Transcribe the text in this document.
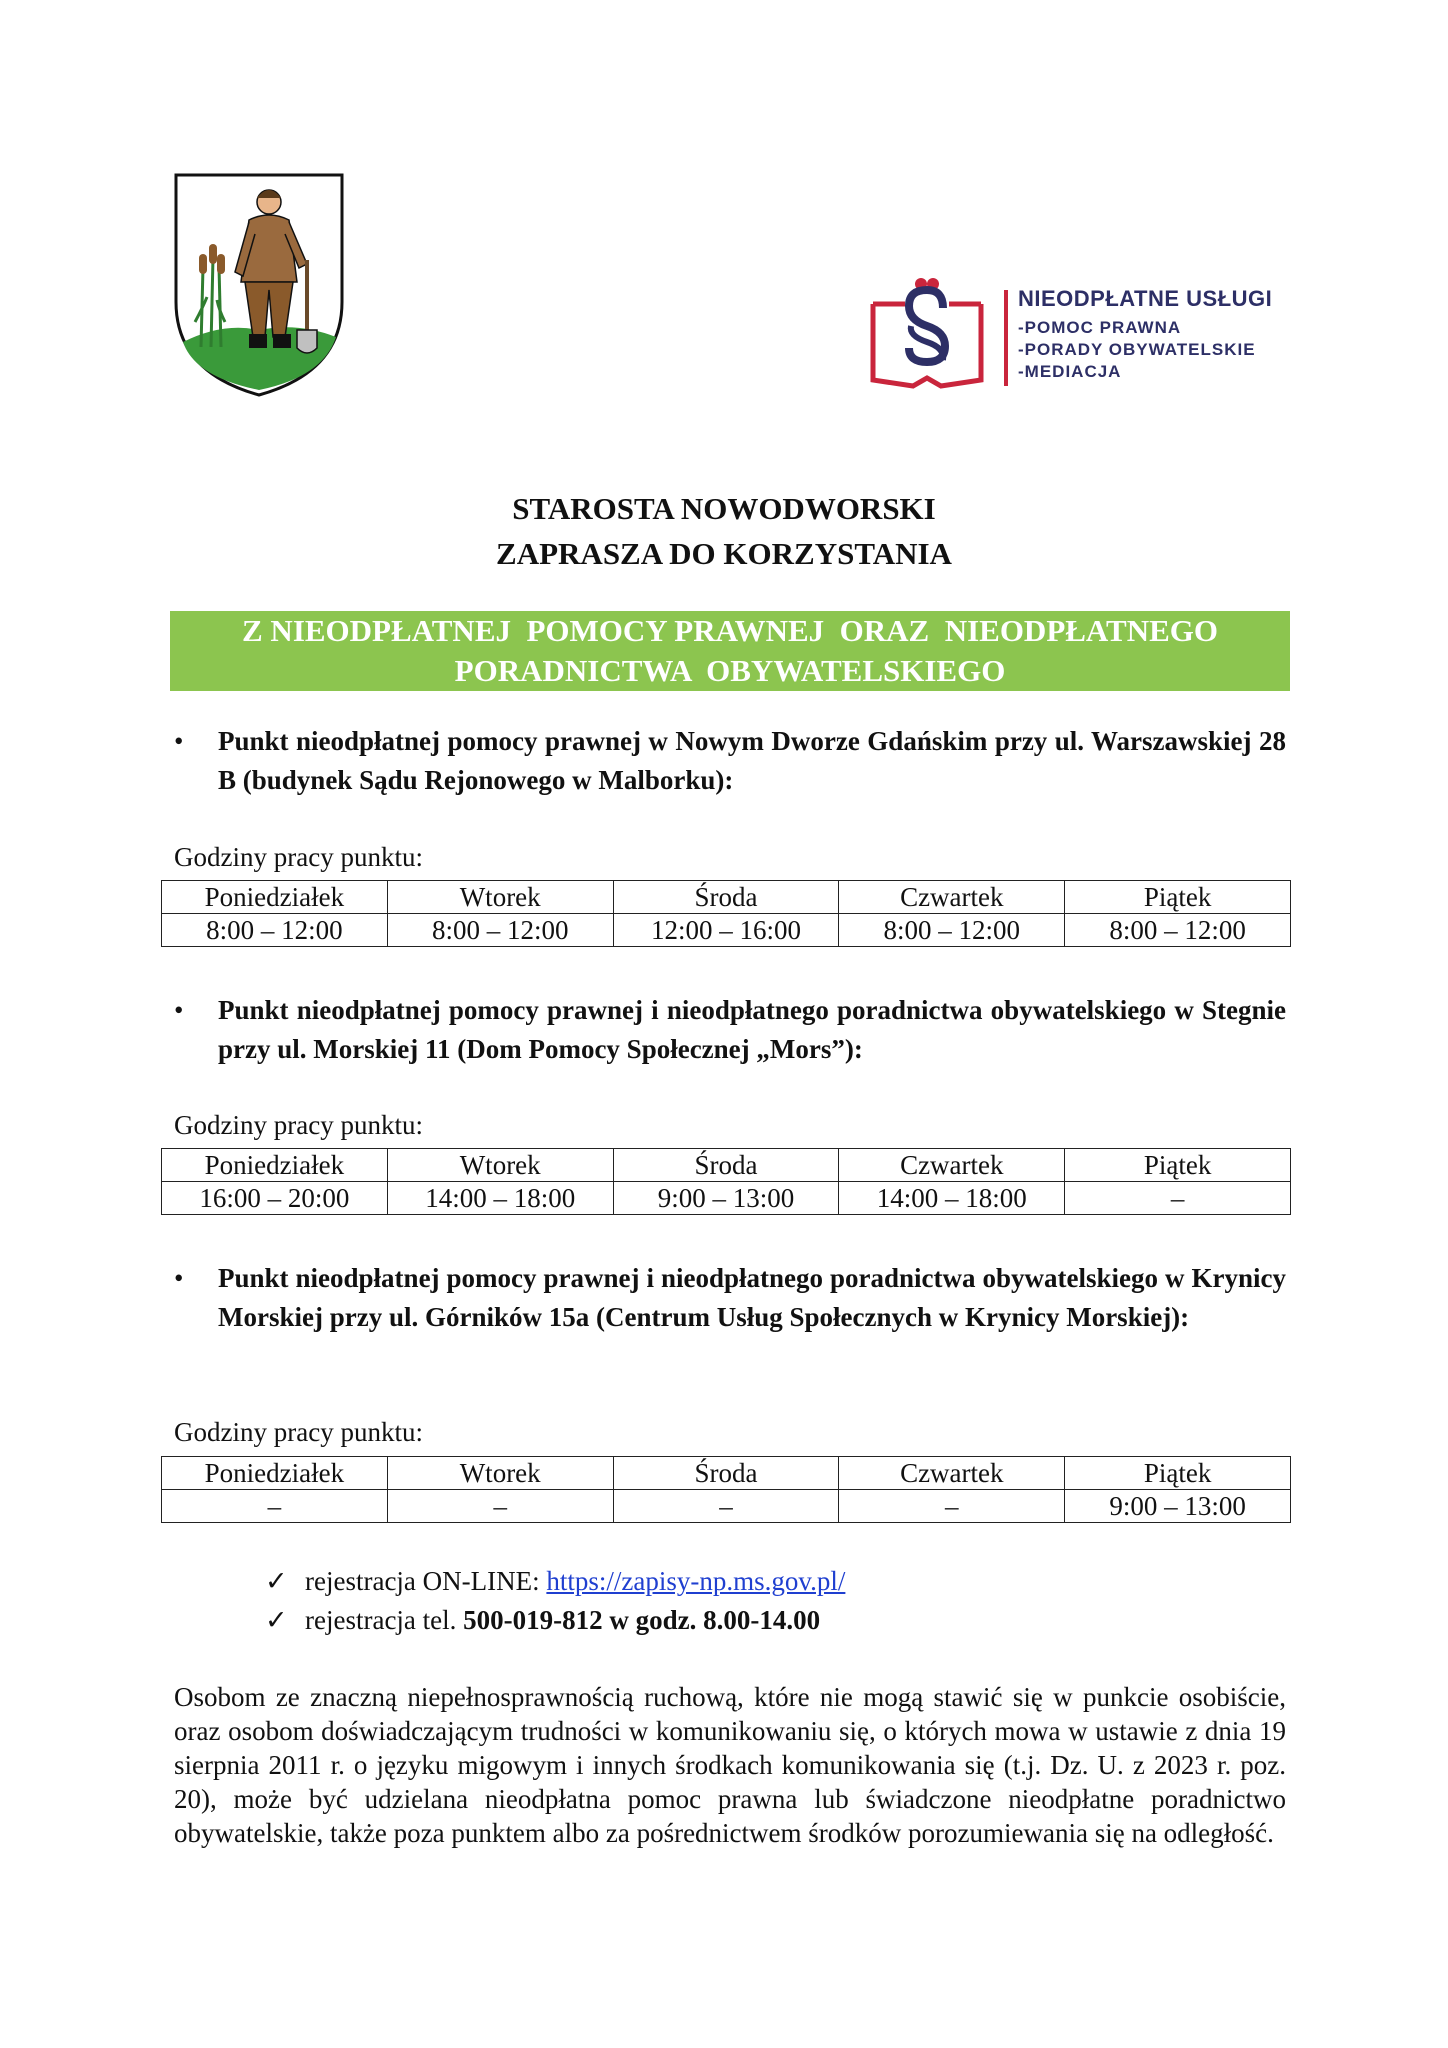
NIEODPŁATNE USŁUGI
-POMOC PRAWNA
-PORADY OBYWATELSKIE
-MEDIACJA
STAROSTA NOWODWORSKI
ZAPRASZA DO KORZYSTANIA
Z NIEODPŁATNEJ  POMOCY PRAWNEJ  ORAZ  NIEODPŁATNEGO
PORADNICTWA  OBYWATELSKIEGO
• Punkt nieodpłatnej pomocy prawnej w Nowym Dworze Gdańskim przy ul. Warszawskiej 28 B (budynek Sądu Rejonowego w Malborku):
Godziny pracy punktu:
Poniedziałek	Wtorek	Środa	Czwartek	Piątek
8:00 – 12:00	8:00 – 12:00	12:00 – 16:00	8:00 – 12:00	8:00 – 12:00
• Punkt nieodpłatnej pomocy prawnej i nieodpłatnego poradnictwa obywatelskiego w Stegnie przy ul. Morskiej 11 (Dom Pomocy Społecznej „Mors”):
Godziny pracy punktu:
Poniedziałek	Wtorek	Środa	Czwartek	Piątek
16:00 – 20:00	14:00 – 18:00	9:00 – 13:00	14:00 – 18:00	–
• Punkt nieodpłatnej pomocy prawnej i nieodpłatnego poradnictwa obywatelskiego w Krynicy Morskiej przy ul. Górników 15a (Centrum Usług Społecznych w Krynicy Morskiej):
Godziny pracy punktu:
Poniedziałek	Wtorek	Środa	Czwartek	Piątek
–	–	–	–	9:00 – 13:00
✓ rejestracja ON-LINE: https://zapisy-np.ms.gov.pl/
✓ rejestracja tel. 500-019-812 w godz. 8.00-14.00
Osobom ze znaczną niepełnosprawnością ruchową, które nie mogą stawić się w punkcie osobiście, oraz osobom doświadczającym trudności w komunikowaniu się, o których mowa w ustawie z dnia 19 sierpnia 2011 r. o języku migowym i innych środkach komunikowania się (t.j. Dz. U. z 2023 r. poz. 20), może być udzielana nieodpłatna pomoc prawna lub świadczone nieodpłatne poradnictwo obywatelskie, także poza punktem albo za pośrednictwem środków porozumiewania się na odległość.
